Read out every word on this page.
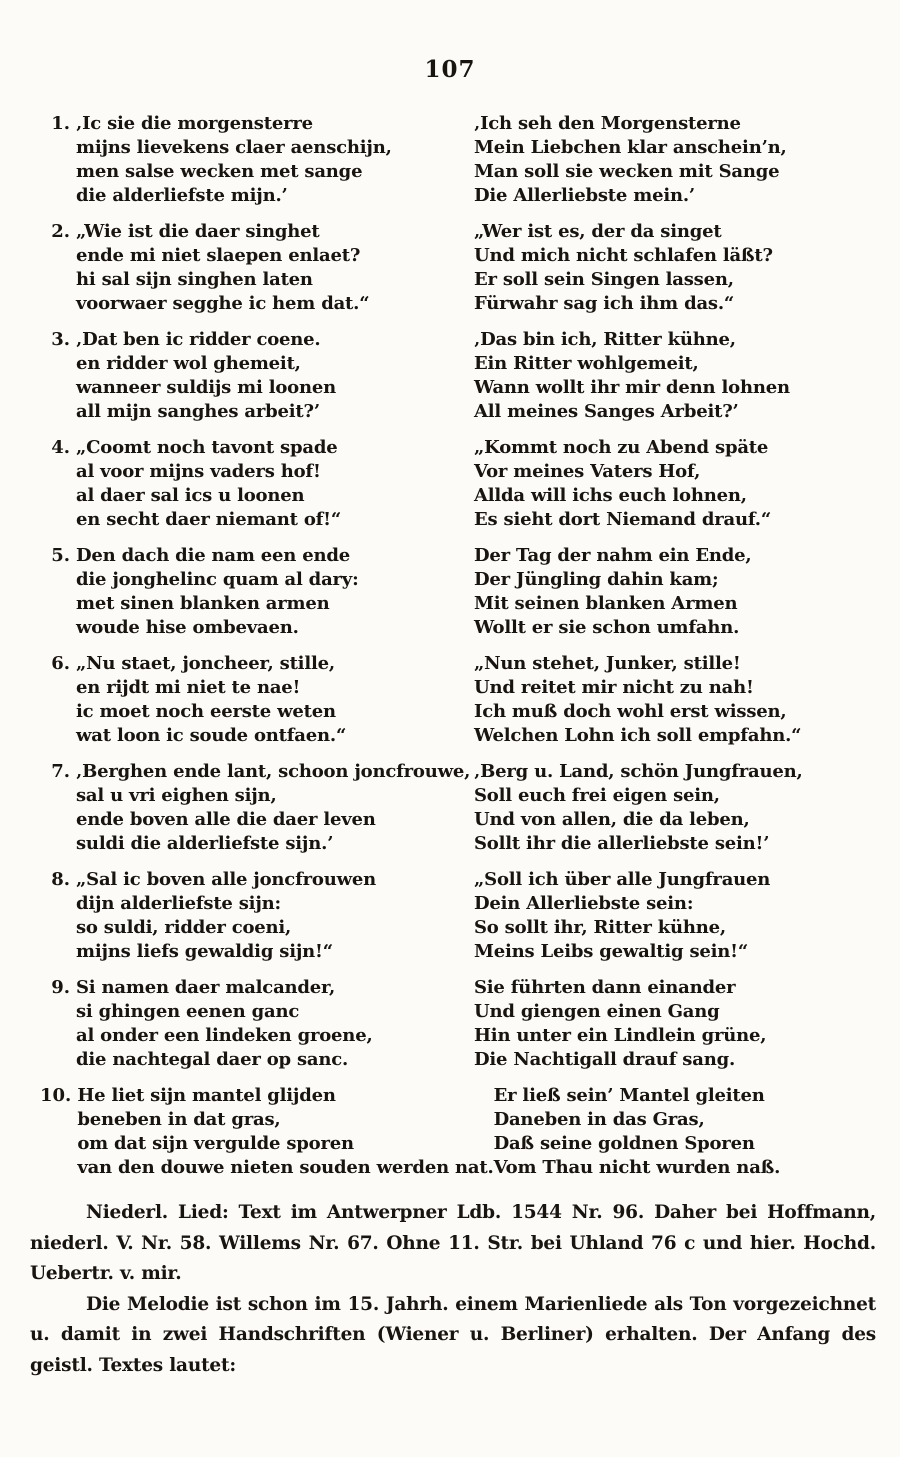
107
1. ‚Ic sie die morgensterre
mijns lievekens claer aenschijn,
men salse wecken met sange
die alderliefste mijn.’
‚Ich seh den Morgensterne
Mein Liebchen klar anschein’n,
Man soll sie wecken mit Sange
Die Allerliebste mein.’
2. „Wie ist die daer singhet
ende mi niet slaepen enlaet?
hi sal sijn singhen laten
voorwaer segghe ic hem dat.“
„Wer ist es, der da singet
Und mich nicht schlafen läßt?
Er soll sein Singen lassen,
Fürwahr sag ich ihm das.“
3. ‚Dat ben ic ridder coene.
en ridder wol ghemeit,
wanneer suldijs mi loonen
all mijn sanghes arbeit?’
‚Das bin ich, Ritter kühne,
Ein Ritter wohlgemeit,
Wann wollt ihr mir denn lohnen
All meines Sanges Arbeit?’
4. „Coomt noch tavont spade
al voor mijns vaders hof!
al daer sal ics u loonen
en secht daer niemant of!“
„Kommt noch zu Abend späte
Vor meines Vaters Hof,
Allda will ichs euch lohnen,
Es sieht dort Niemand drauf.“
5. Den dach die nam een ende
die jonghelinc quam al dary:
met sinen blanken armen
woude hise ombevaen.
Der Tag der nahm ein Ende,
Der Jüngling dahin kam;
Mit seinen blanken Armen
Wollt er sie schon umfahn.
6. „Nu staet, joncheer, stille,
en rijdt mi niet te nae!
ic moet noch eerste weten
wat loon ic soude ontfaen.“
„Nun stehet, Junker, stille!
Und reitet mir nicht zu nah!
Ich muß doch wohl erst wissen,
Welchen Lohn ich soll empfahn.“
7. ‚Berghen ende lant, schoon joncfrouwe,
sal u vri eighen sijn,
ende boven alle die daer leven
suldi die alderliefste sijn.’
‚Berg u. Land, schön Jungfrauen,
Soll euch frei eigen sein,
Und von allen, die da leben,
Sollt ihr die allerliebste sein!’
8. „Sal ic boven alle joncfrouwen
dijn alderliefste sijn:
so suldi, ridder coeni,
mijns liefs gewaldig sijn!“
„Soll ich über alle Jungfrauen
Dein Allerliebste sein:
So sollt ihr, Ritter kühne,
Meins Leibs gewaltig sein!“
9. Si namen daer malcander,
si ghingen eenen ganc
al onder een lindeken groene,
die nachtegal daer op sanc.
Sie führten dann einander
Und giengen einen Gang
Hin unter ein Lindlein grüne,
Die Nachtigall drauf sang.
10. He liet sijn mantel glijden
beneben in dat gras,
om dat sijn vergulde sporen
van den douwe nieten souden werden nat.
Er ließ sein’ Mantel gleiten
Daneben in das Gras,
Daß seine goldnen Sporen
Vom Thau nicht wurden naß.

Niederl. Lied: Text im Antwerpner Ldb. 1544 Nr. 96. Daher bei Hoffmann, niederl. V. Nr. 58. Willems Nr. 67. Ohne 11. Str. bei Uhland 76 c und hier. Hochd. Uebertr. v. mir.

Die Melodie ist schon im 15. Jahrh. einem Marienliede als Ton vorgezeichnet u. damit in zwei Handschriften (Wiener u. Berliner) erhalten. Der Anfang des geistl. Textes lautet:
